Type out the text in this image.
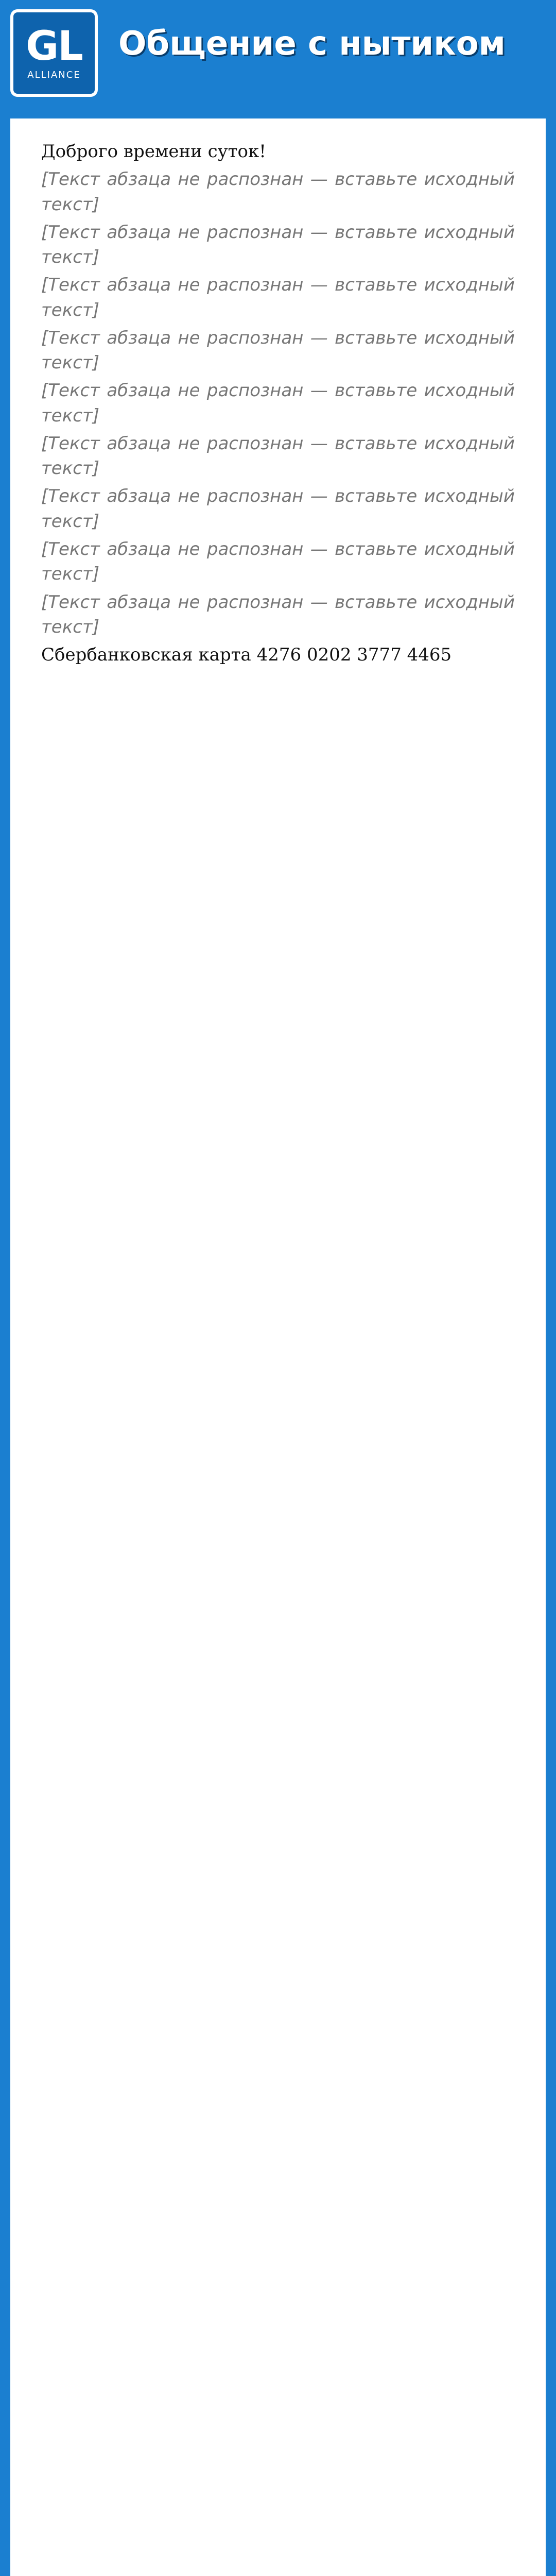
GL
ALLIANCE
Общение с нытиком

Доброго времени суток!

[Текст абзаца не распознан — вставьте исходный текст]

[Текст абзаца не распознан — вставьте исходный текст]

[Текст абзаца не распознан — вставьте исходный текст]

[Текст абзаца не распознан — вставьте исходный текст]

[Текст абзаца не распознан — вставьте исходный текст]

[Текст абзаца не распознан — вставьте исходный текст]

[Текст абзаца не распознан — вставьте исходный текст]

[Текст абзаца не распознан — вставьте исходный текст]

[Текст абзаца не распознан — вставьте исходный текст]

Сбербанковская карта 4276 0202 3777 4465
